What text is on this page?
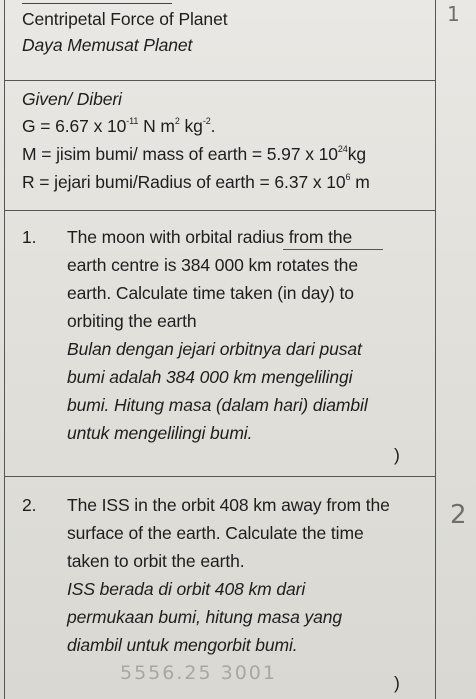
Centripetal Force of Planet
Daya Memusat Planet
Given/ Diberi
G = 6.67 x $10^{-11}$ N $m^2$ $kg^{-2}$.
M = jisim bumi/ mass of earth = 5.97 x $10^{24}kg$
R = jejari bumi/Radius of earth = 6.37 x $10^6$ m
1. The moon with orbital radius from the
earth centre is 384 000 km rotates the
earth. Calculate time taken (in day) to
orbiting the earth
Bulan dengan jejari orbitnya dari pusat
bumi adalah 384 000 km mengelilingi
bumi. Hitung masa (dalam hari) diambil
untuk mengelilingi bumi.
)
2. The ISS in the orbit 408 km away from the
surface of the earth. Calculate the time
taken to orbit the earth.
ISS berada di orbit 408 km dari
permukaan bumi, hitung masa yang
diambil untuk mengorbit bumi.
)
1
2
5556.25 3001
